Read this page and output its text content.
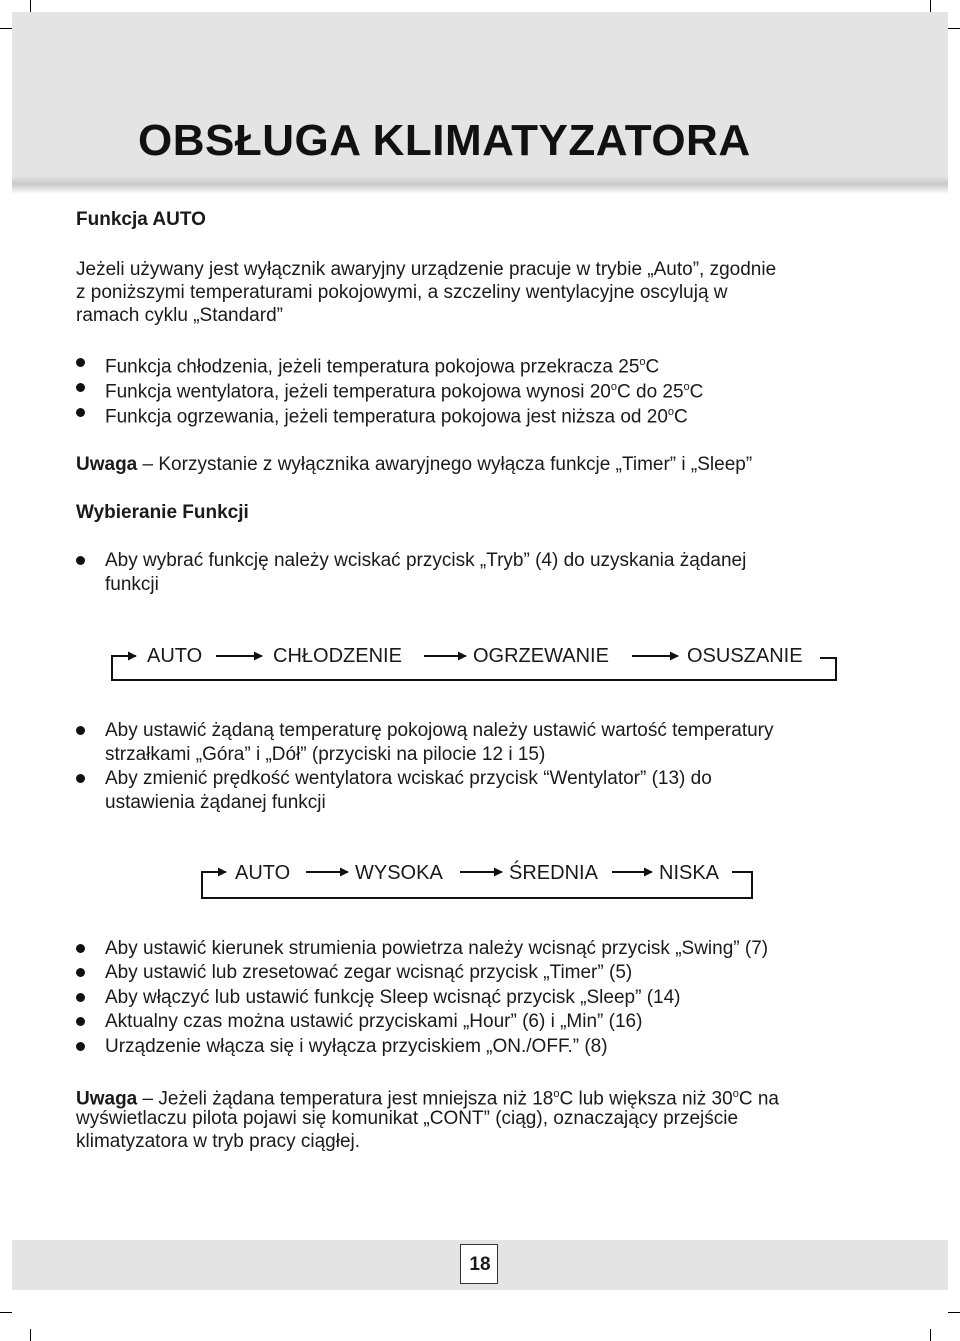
OBSŁUGA KLIMATYZATORA
Funkcja AUTO
Jeżeli używany jest wyłącznik awaryjny urządzenie pracuje w trybie „Auto”, zgodnie
z poniższymi temperaturami pokojowymi, a szczeliny wentylacyjne oscylują w
ramach cyklu „Standard”
Funkcja chłodzenia, jeżeli temperatura pokojowa przekracza 25$^o$C
Funkcja wentylatora, jeżeli temperatura pokojowa wynosi 20$^o$C do 25$^o$C
Funkcja ogrzewania, jeżeli temperatura pokojowa jest niższa od 20$^o$C
Uwaga – Korzystanie z wyłącznika awaryjnego wyłącza funkcje „Timer” i „Sleep”
Wybieranie Funkcji
Aby wybrać funkcję należy wciskać przycisk „Tryb” (4) do uzyskania żądanej
funkcji
AUTO	CHŁODZENIE	OGRZEWANIE	OSUSZANIE
Aby ustawić żądaną temperaturę pokojową należy ustawić wartość temperatury
strzałkami „Góra” i „Dół” (przyciski na pilocie 12 i 15)
Aby zmienić prędkość wentylatora wciskać przycisk “Wentylator” (13) do
ustawienia żądanej funkcji
AUTO	WYSOKA	ŚREDNIA	NISKA
Aby ustawić kierunek strumienia powietrza należy wcisnąć przycisk „Swing” (7)
Aby ustawić lub zresetować zegar wcisnąć przycisk „Timer” (5)
Aby włączyć lub ustawić funkcję Sleep wcisnąć przycisk „Sleep” (14)
Aktualny czas można ustawić przyciskami „Hour” (6) i „Min” (16)
Urządzenie włącza się i wyłącza przyciskiem „ON./OFF.” (8)
Uwaga – Jeżeli żądana temperatura jest mniejsza niż 18$^o$C lub większa niż 30$^o$C na
wyświetlaczu pilota pojawi się komunikat „CONT” (ciąg), oznaczający przejście
klimatyzatora w tryb pracy ciągłej.
18
